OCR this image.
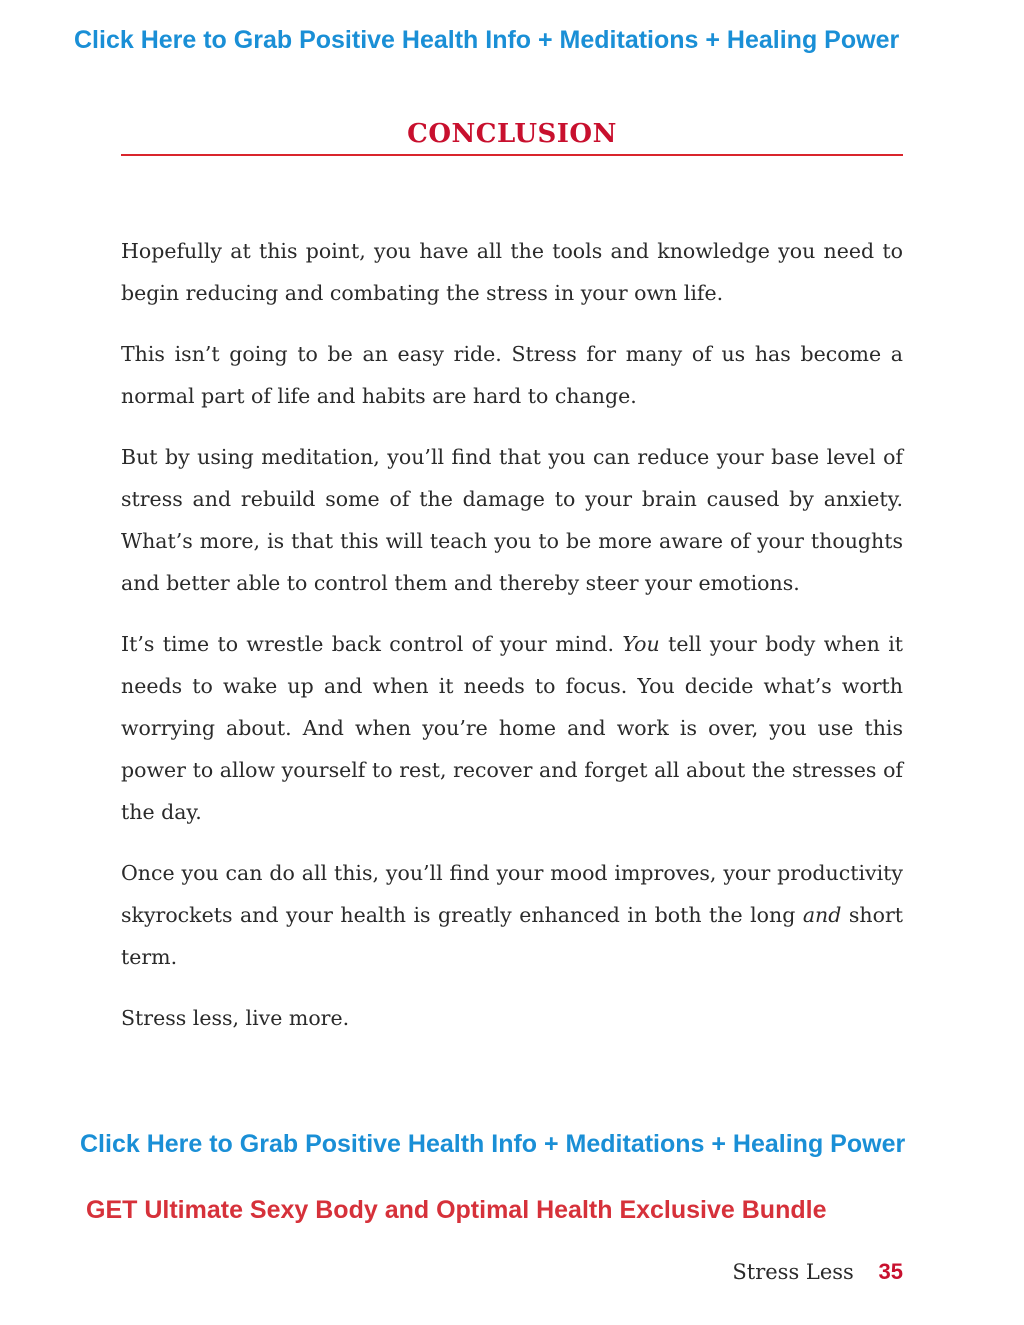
Click Here to Grab Positive Health Info + Meditations + Healing Power
CONCLUSION

Hopefully at this point, you have all the tools and knowledge you need to begin reducing and combating the stress in your own life.

This isn’t going to be an easy ride. Stress for many of us has become a normal part of life and habits are hard to change.

But by using meditation, you’ll find that you can reduce your base level of stress and rebuild some of the damage to your brain caused by anxiety. What’s more, is that this will teach you to be more aware of your thoughts and better able to control them and thereby steer your emotions.

It’s time to wrestle back control of your mind. You tell your body when it needs to wake up and when it needs to focus. You decide what’s worth worrying about. And when you’re home and work is over, you use this power to allow yourself to rest, recover and forget all about the stresses of the day.

Once you can do all this, you’ll find your mood improves, your productivity skyrockets and your health is greatly enhanced in both the long and short term.

Stress less, live more.

Click Here to Grab Positive Health Info + Meditations + Healing Power
GET Ultimate Sexy Body and Optimal Health Exclusive Bundle
Stress Less 35
